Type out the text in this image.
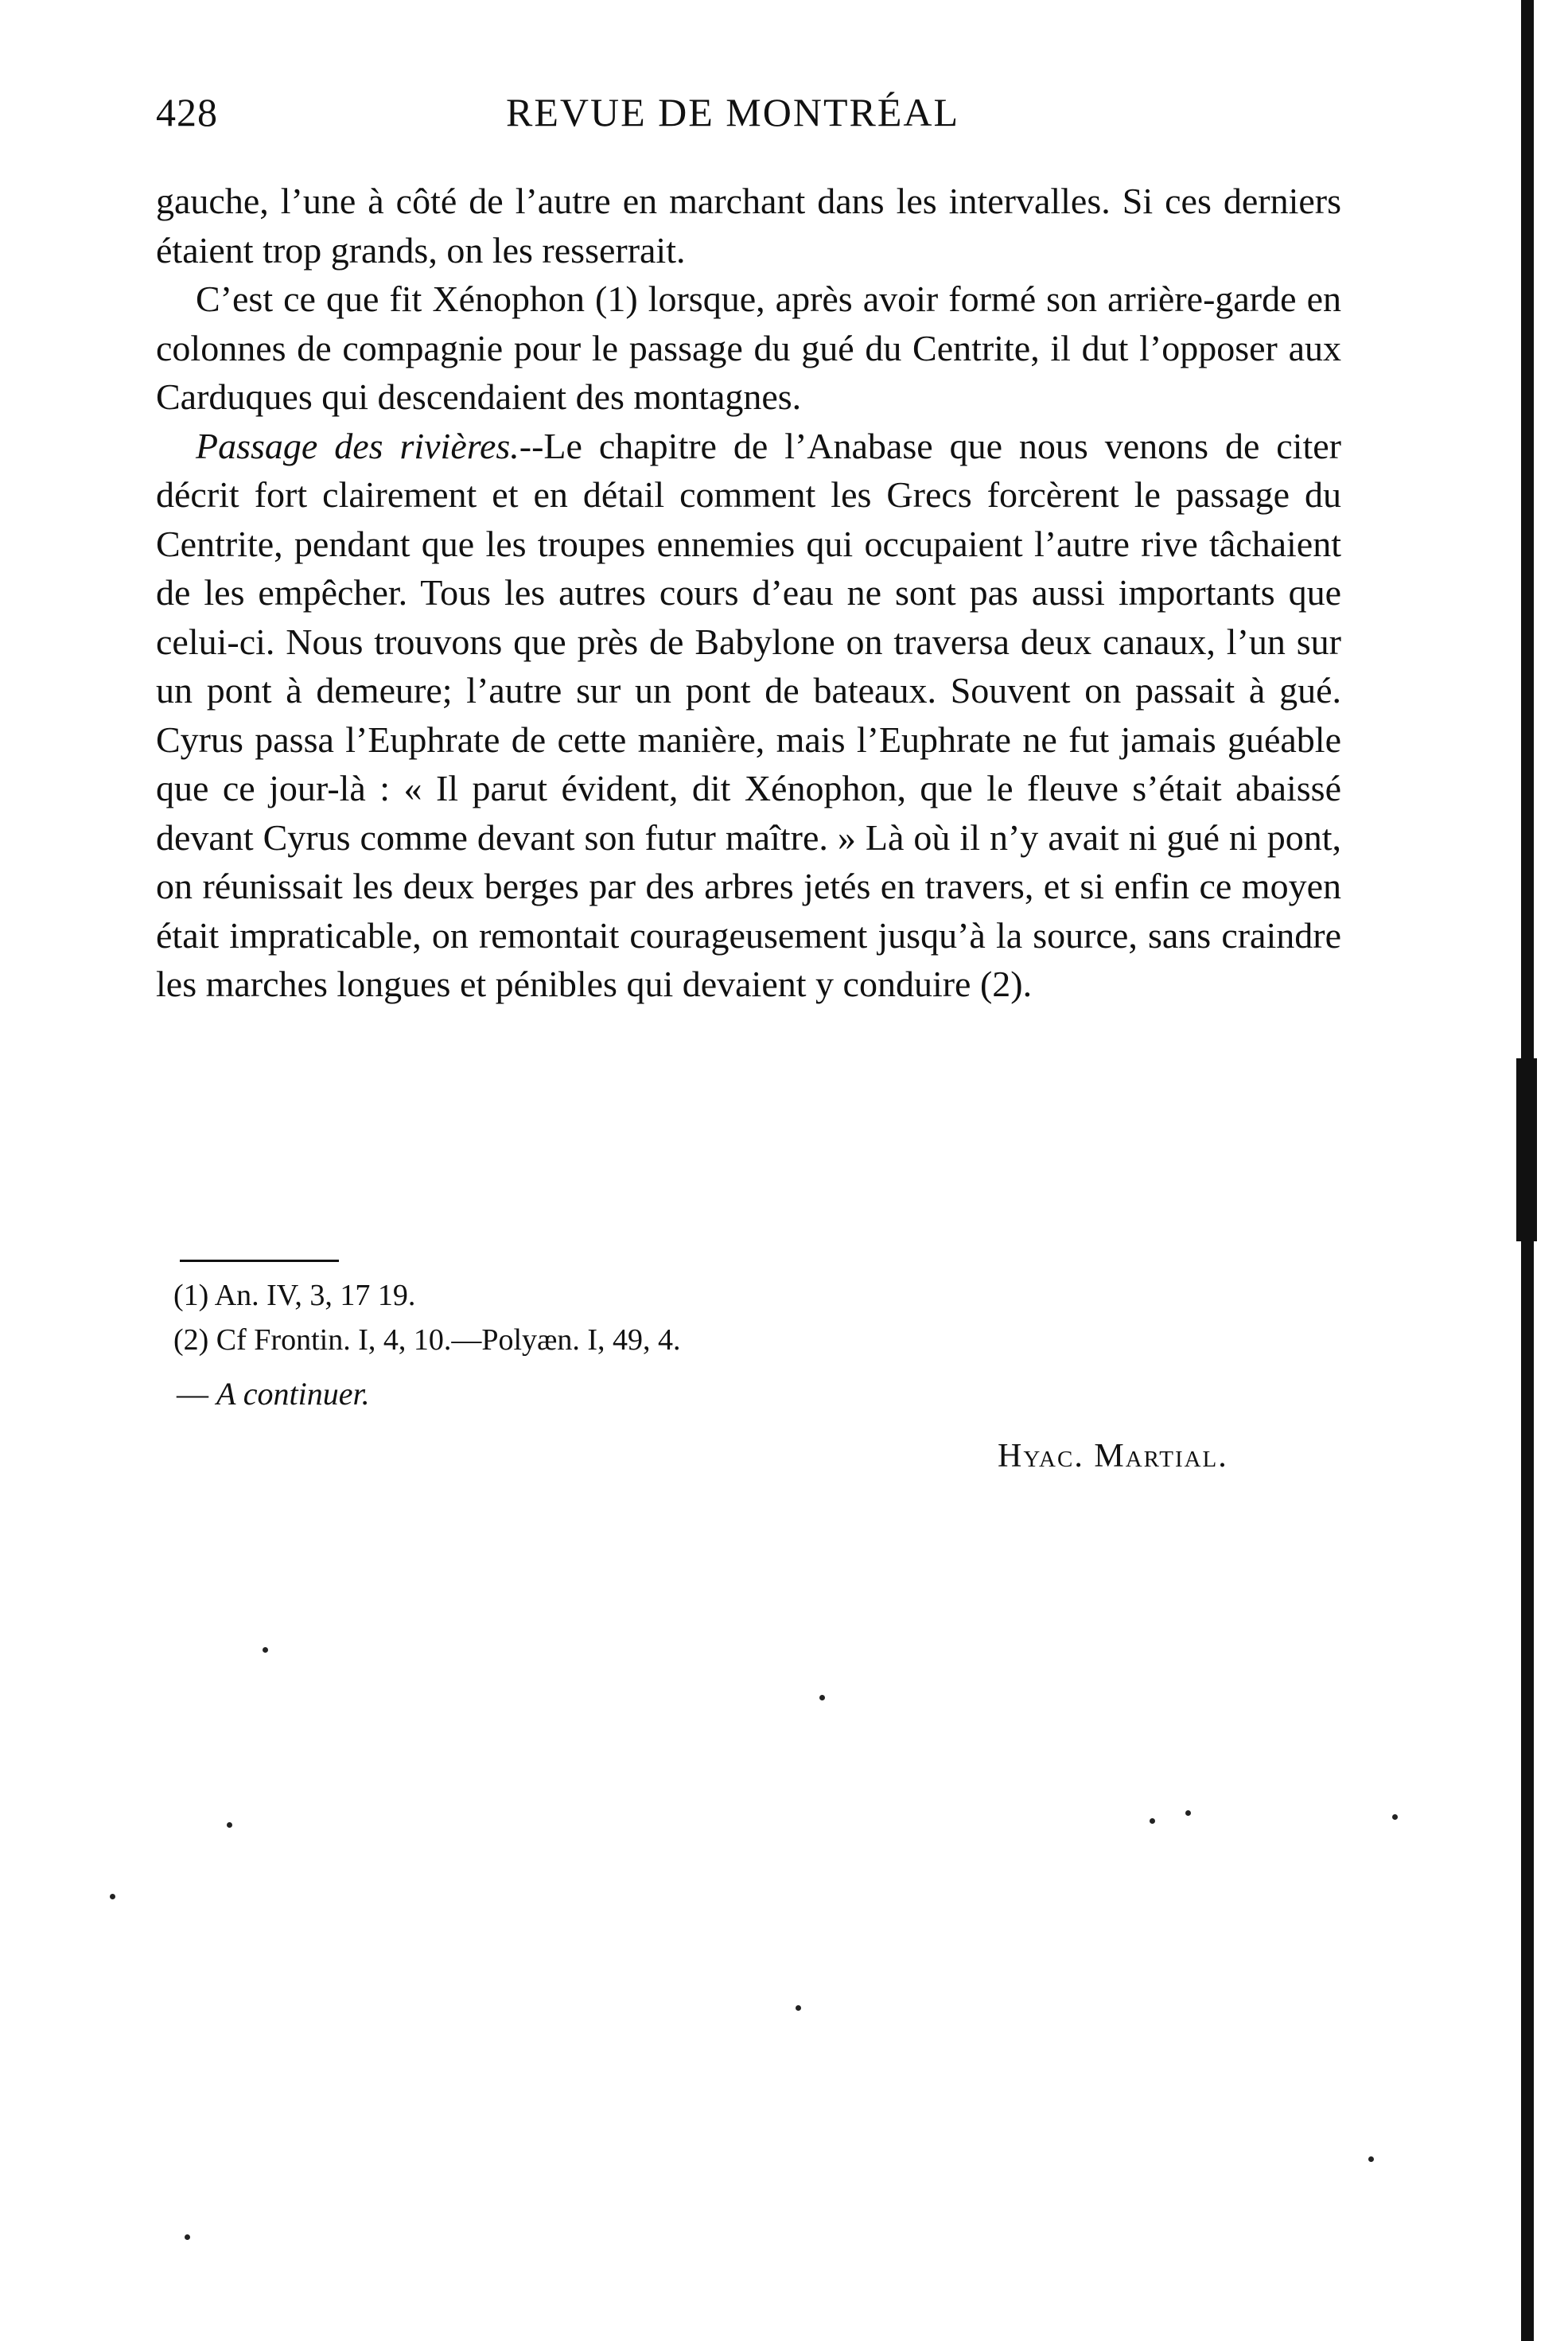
428	REVUE DE MONTRÉAL

gauche, l’une à côté de l’autre en marchant dans les intervalles. Si ces derniers étaient trop grands, on les resserrait.

C’est ce que fit Xénophon (1) lorsque, après avoir formé son arrière-garde en colonnes de compagnie pour le passage du gué du Centrite, il dut l’opposer aux Carduques qui descendaient des montagnes.

Passage des rivières.--Le chapitre de l’Anabase que nous venons de citer décrit fort clairement et en détail comment les Grecs forcèrent le passage du Centrite, pendant que les troupes ennemies qui occupaient l’autre rive tâchaient de les empêcher. Tous les autres cours d’eau ne sont pas aussi importants que celui-ci. Nous trouvons que près de Babylone on traversa deux canaux, l’un sur un pont à demeure; l’autre sur un pont de bateaux. Souvent on passait à gué. Cyrus passa l’Euphrate de cette manière, mais l’Euphrate ne fut jamais guéable que ce jour-là : « Il parut évident, dit Xénophon, que le fleuve s’était abaissé devant Cyrus comme devant son futur maître. » Là où il n’y avait ni gué ni pont, on réunissait les deux berges par des arbres jetés en travers, et si enfin ce moyen était impraticable, on remontait courageusement jusqu’à la source, sans craindre les marches longues et pénibles qui devaient y conduire (2).

(1) An. IV, 3, 17 19.

(2) Cf Frontin. I, 4, 10.—Polyæn. I, 49, 4.

— A continuer.
Hyac. Martial.
